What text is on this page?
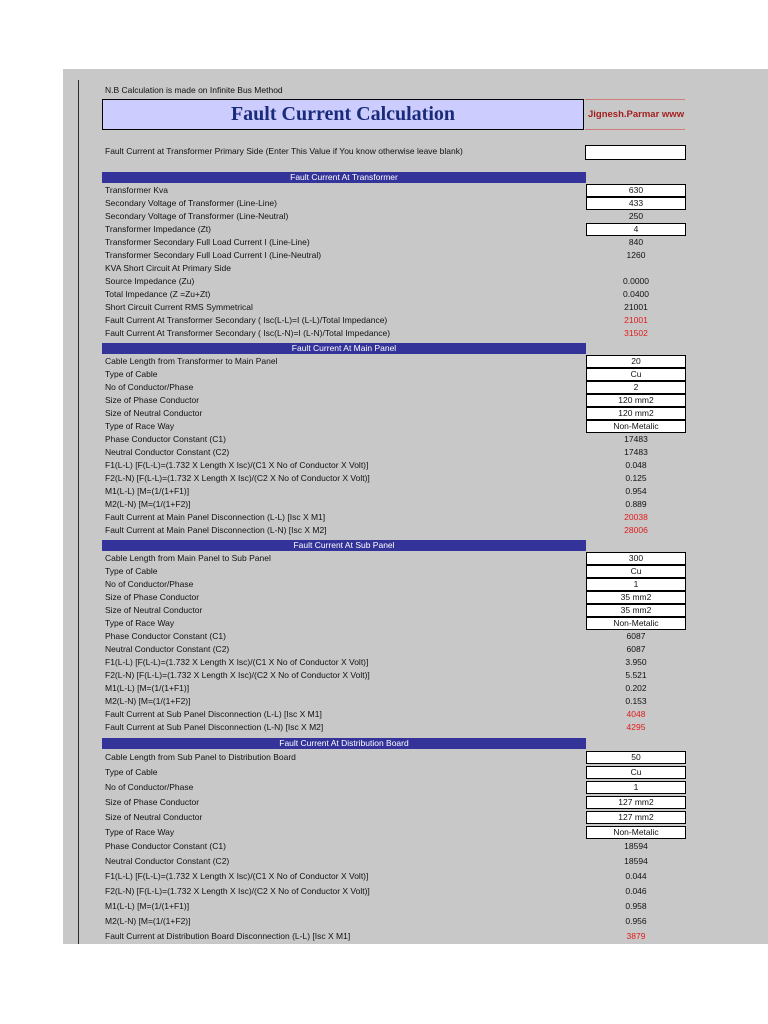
N.B Calculation is made on Infinite Bus Method
Fault Current Calculation	Jignesh.Parmar www
Fault Current at Transformer Primary Side (Enter This Value if You know otherwise leave blank)
Fault Current At Transformer
Transformer Kva	630
Secondary Voltage of Transformer (Line-Line)	433
Secondary Voltage of Transformer (Line-Neutral)	250
Transformer Impedance (Zt)	4
Transformer Secondary Full Load Current I (Line-Line)	840
Transformer Secondary Full Load Current I (Line-Neutral)	1260
KVA Short Circuit At Primary Side
Source Impedance (Zu)	0.0000
Total Impedance (Z =Zu+Zt)	0.0400
Short Circuit Current RMS Symmetrical	21001
Fault Current At Transformer Secondary ( Isc(L-L)=I (L-L)/Total Impedance)	21001
Fault Current At Transformer Secondary ( Isc(L-N)=I (L-N)/Total Impedance)	31502
Fault Current At Main Panel
Cable Length from Transformer to Main Panel	20
Type of Cable	Cu
No of Conductor/Phase	2
Size of Phase Conductor	120 mm2
Size of Neutral Conductor	120 mm2
Type of Race Way	Non-Metalic
Phase Conductor Constant (C1)	17483
Neutral Conductor Constant (C2)	17483
F1(L-L) [F(L-L)=(1.732 X Length X Isc)/(C1 X No of Conductor X Volt)]	0.048
F2(L-N) [F(L-L)=(1.732 X Length X Isc)/(C2 X No of Conductor X Volt)]	0.125
M1(L-L) [M=(1/(1+F1)]	0.954
M2(L-N) [M=(1/(1+F2)]	0.889
Fault Current at Main Panel Disconnection (L-L) [Isc X M1]	20038
Fault Current at Main Panel Disconnection (L-N) [Isc X M2]	28006
Fault Current At Sub Panel
Cable Length from Main Panel to Sub Panel	300
Type of Cable	Cu
No of Conductor/Phase	1
Size of Phase Conductor	35 mm2
Size of Neutral Conductor	35 mm2
Type of Race Way	Non-Metalic
Phase Conductor Constant (C1)	6087
Neutral Conductor Constant (C2)	6087
F1(L-L) [F(L-L)=(1.732 X Length X Isc)/(C1 X No of Conductor X Volt)]	3.950
F2(L-N) [F(L-L)=(1.732 X Length X Isc)/(C2 X No of Conductor X Volt)]	5.521
M1(L-L) [M=(1/(1+F1)]	0.202
M2(L-N) [M=(1/(1+F2)]	0.153
Fault Current at Sub Panel Disconnection (L-L) [Isc X M1]	4048
Fault Current at Sub Panel Disconnection (L-N) [Isc X M2]	4295
Fault Current At Distribution Board
Cable Length from Sub Panel to Distribution Board	50
Type of Cable	Cu
No of Conductor/Phase	1
Size of Phase Conductor	127 mm2
Size of Neutral Conductor	127 mm2
Type of Race Way	Non-Metalic
Phase Conductor Constant (C1)	18594
Neutral Conductor Constant (C2)	18594
F1(L-L) [F(L-L)=(1.732 X Length X Isc)/(C1 X No of Conductor X Volt)]	0.044
F2(L-N) [F(L-L)=(1.732 X Length X Isc)/(C2 X No of Conductor X Volt)]	0.046
M1(L-L) [M=(1/(1+F1)]	0.958
M2(L-N) [M=(1/(1+F2)]	0.956
Fault Current at Distribution Board Disconnection (L-L) [Isc X M1]	3879
